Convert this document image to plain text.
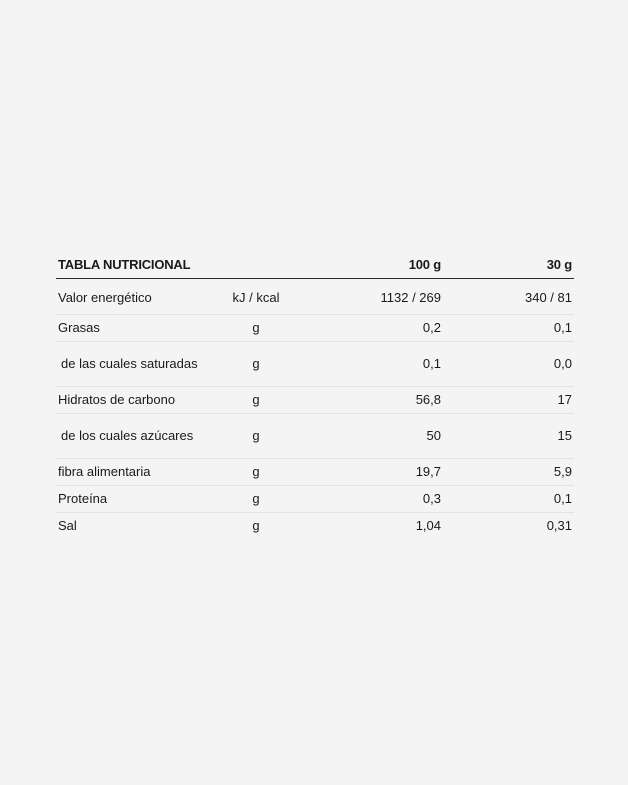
TABLA NUTRICIONAL		100 g	30 g
Valor energético	kJ / kcal	1132 / 269	340 / 81
Grasas	g	0,2	0,1
de las cuales saturadas	g	0,1	0,0
Hidratos de carbono	g	56,8	17
de los cuales azúcares	g	50	15
fibra alimentaria	g	19,7	5,9
Proteína	g	0,3	0,1
Sal	g	1,04	0,31
